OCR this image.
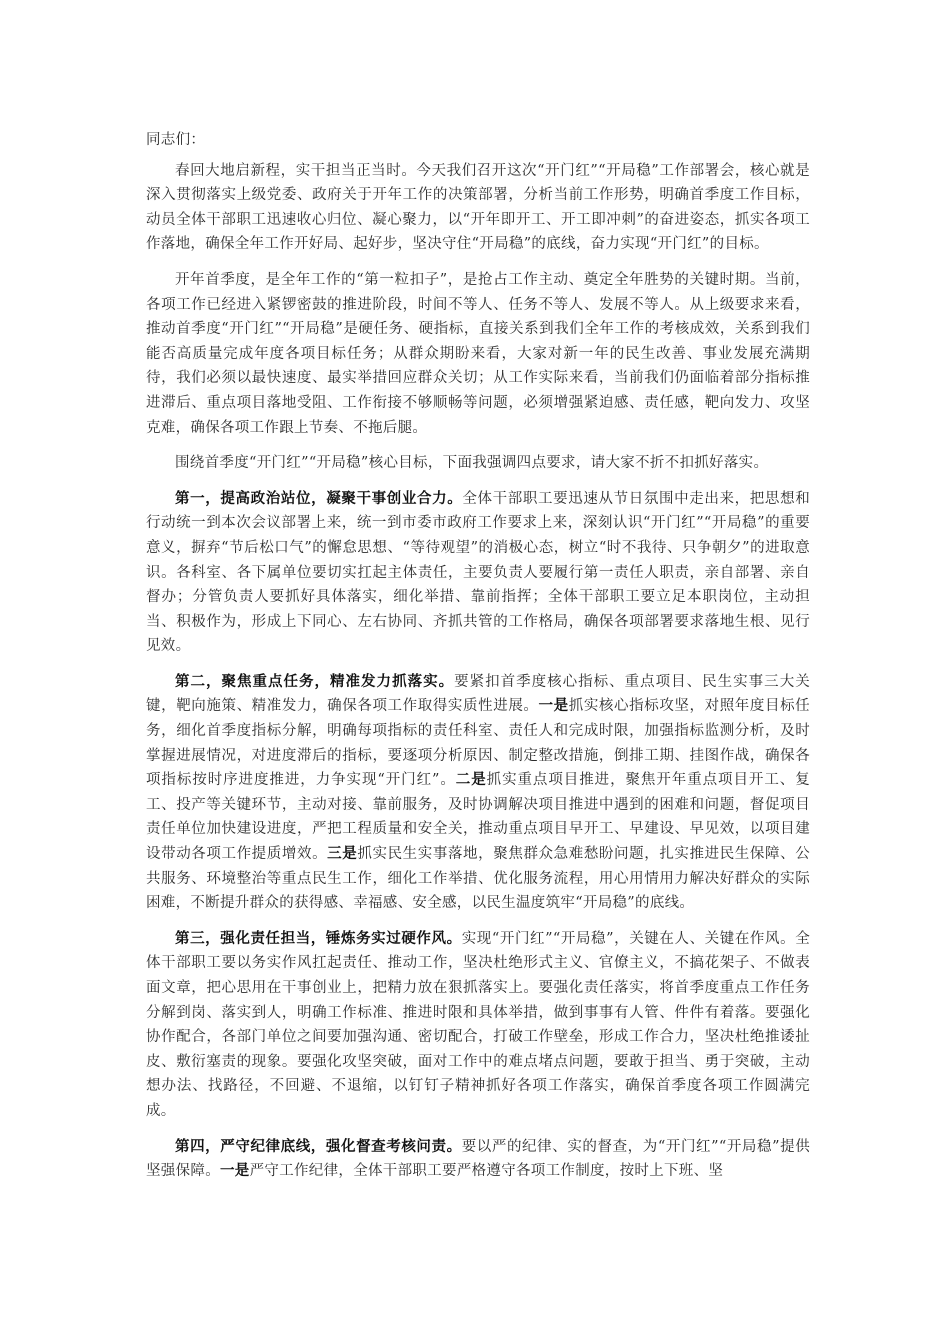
同志们：

春回大地启新程，实干担当正当时。今天我们召开这次“开门红”“开局稳”工作部署会，核心就是深入贯彻落实上级党委、政府关于开年工作的决策部署，分析当前工作形势，明确首季度工作目标，动员全体干部职工迅速收心归位、凝心聚力，以“开年即开工、开工即冲刺”的奋进姿态，抓实各项工作落地，确保全年工作开好局、起好步，坚决守住“开局稳”的底线，奋力实现“开门红”的目标。

开年首季度，是全年工作的“第一粒扣子”，是抢占工作主动、奠定全年胜势的关键时期。当前，各项工作已经进入紧锣密鼓的推进阶段，时间不等人、任务不等人、发展不等人。从上级要求来看，推动首季度“开门红”“开局稳”是硬任务、硬指标，直接关系到我们全年工作的考核成效，关系到我们能否高质量完成年度各项目标任务；从群众期盼来看，大家对新一年的民生改善、事业发展充满期待，我们必须以最快速度、最实举措回应群众关切；从工作实际来看，当前我们仍面临着部分指标推进滞后、重点项目落地受阻、工作衔接不够顺畅等问题，必须增强紧迫感、责任感，靶向发力、攻坚克难，确保各项工作跟上节奏、不拖后腿。

围绕首季度“开门红”“开局稳”核心目标，下面我强调四点要求，请大家不折不扣抓好落实。

第一，提高政治站位，凝聚干事创业合力。全体干部职工要迅速从节日氛围中走出来，把思想和行动统一到本次会议部署上来，统一到市委市政府工作要求上来，深刻认识“开门红”“开局稳”的重要意义，摒弃“节后松口气”的懈怠思想、“等待观望”的消极心态，树立“时不我待、只争朝夕”的进取意识。各科室、各下属单位要切实扛起主体责任，主要负责人要履行第一责任人职责，亲自部署、亲自督办；分管负责人要抓好具体落实，细化举措、靠前指挥；全体干部职工要立足本职岗位，主动担当、积极作为，形成上下同心、左右协同、齐抓共管的工作格局，确保各项部署要求落地生根、见行见效。

第二，聚焦重点任务，精准发力抓落实。要紧扣首季度核心指标、重点项目、民生实事三大关键，靶向施策、精准发力，确保各项工作取得实质性进展。一是抓实核心指标攻坚，对照年度目标任务，细化首季度指标分解，明确每项指标的责任科室、责任人和完成时限，加强指标监测分析，及时掌握进展情况，对进度滞后的指标，要逐项分析原因、制定整改措施，倒排工期、挂图作战，确保各项指标按时序进度推进，力争实现“开门红”。二是抓实重点项目推进，聚焦开年重点项目开工、复工、投产等关键环节，主动对接、靠前服务，及时协调解决项目推进中遇到的困难和问题，督促项目责任单位加快建设进度，严把工程质量和安全关，推动重点项目早开工、早建设、早见效，以项目建设带动各项工作提质增效。三是抓实民生实事落地，聚焦群众急难愁盼问题，扎实推进民生保障、公共服务、环境整治等重点民生工作，细化工作举措、优化服务流程，用心用情用力解决好群众的实际困难，不断提升群众的获得感、幸福感、安全感，以民生温度筑牢“开局稳”的底线。

第三，强化责任担当，锤炼务实过硬作风。实现“开门红”“开局稳”，关键在人、关键在作风。全体干部职工要以务实作风扛起责任、推动工作，坚决杜绝形式主义、官僚主义，不搞花架子、不做表面文章，把心思用在干事创业上，把精力放在狠抓落实上。要强化责任落实，将首季度重点工作任务分解到岗、落实到人，明确工作标准、推进时限和具体举措，做到事事有人管、件件有着落。要强化协作配合，各部门单位之间要加强沟通、密切配合，打破工作壁垒，形成工作合力，坚决杜绝推诿扯皮、敷衍塞责的现象。要强化攻坚突破，面对工作中的难点堵点问题，要敢于担当、勇于突破，主动想办法、找路径，不回避、不退缩，以钉钉子精神抓好各项工作落实，确保首季度各项工作圆满完成。

第四，严守纪律底线，强化督查考核问责。要以严的纪律、实的督查，为“开门红”“开局稳”提供坚强保障。一是严守工作纪律，全体干部职工要严格遵守各项工作制度，按时上下班、坚
